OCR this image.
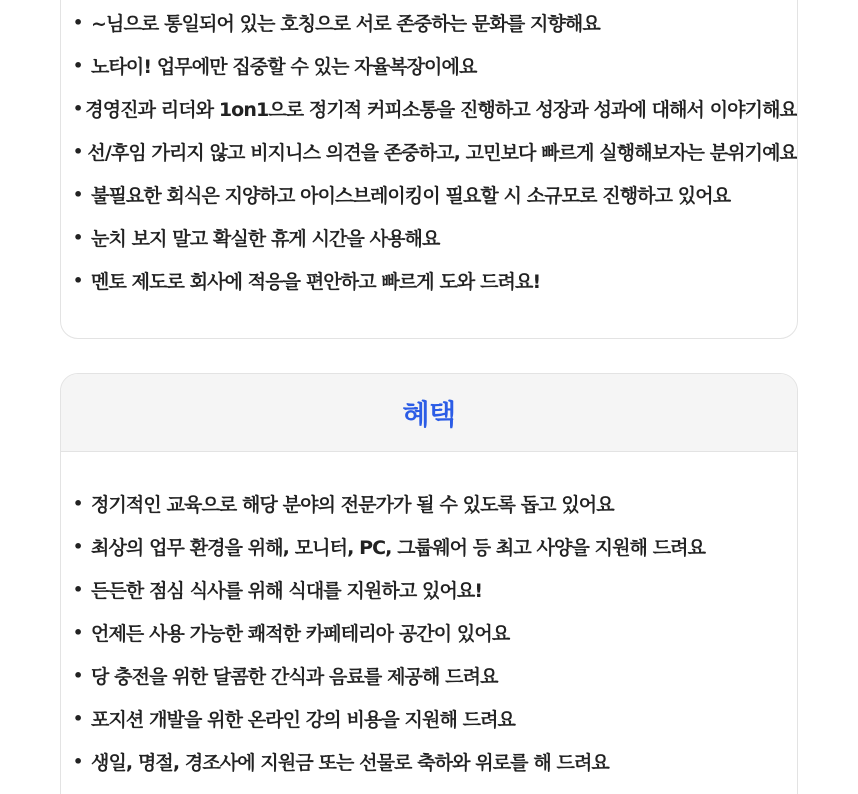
• ~님으로 통일되어 있는 호칭으로 서로 존중하는 문화를 지향해요
• 노타이! 업무에만 집중할 수 있는 자율복장이에요
• 경영진과 리더와 1on1으로 정기적 커피소통을 진행하고 성장과 성과에 대해서 이야기해요
• 선/후임 가리지 않고 비지니스 의견을 존중하고, 고민보다 빠르게 실행해보자는 분위기예요
• 불필요한 회식은 지양하고 아이스브레이킹이 필요할 시 소규모로 진행하고 있어요
• 눈치 보지 말고 확실한 휴게 시간을 사용해요
• 멘토 제도로 회사에 적응을 편안하고 빠르게 도와 드려요!
혜택
• 정기적인 교육으로 해당 분야의 전문가가 될 수 있도록 돕고 있어요
• 최상의 업무 환경을 위해, 모니터, PC, 그룹웨어 등 최고 사양을 지원해 드려요
• 든든한 점심 식사를 위해 식대를 지원하고 있어요!
• 언제든 사용 가능한 쾌적한 카페테리아 공간이 있어요
• 당 충전을 위한 달콤한 간식과 음료를 제공해 드려요
• 포지션 개발을 위한 온라인 강의 비용을 지원해 드려요
• 생일, 명절, 경조사에 지원금 또는 선물로 축하와 위로를 해 드려요
